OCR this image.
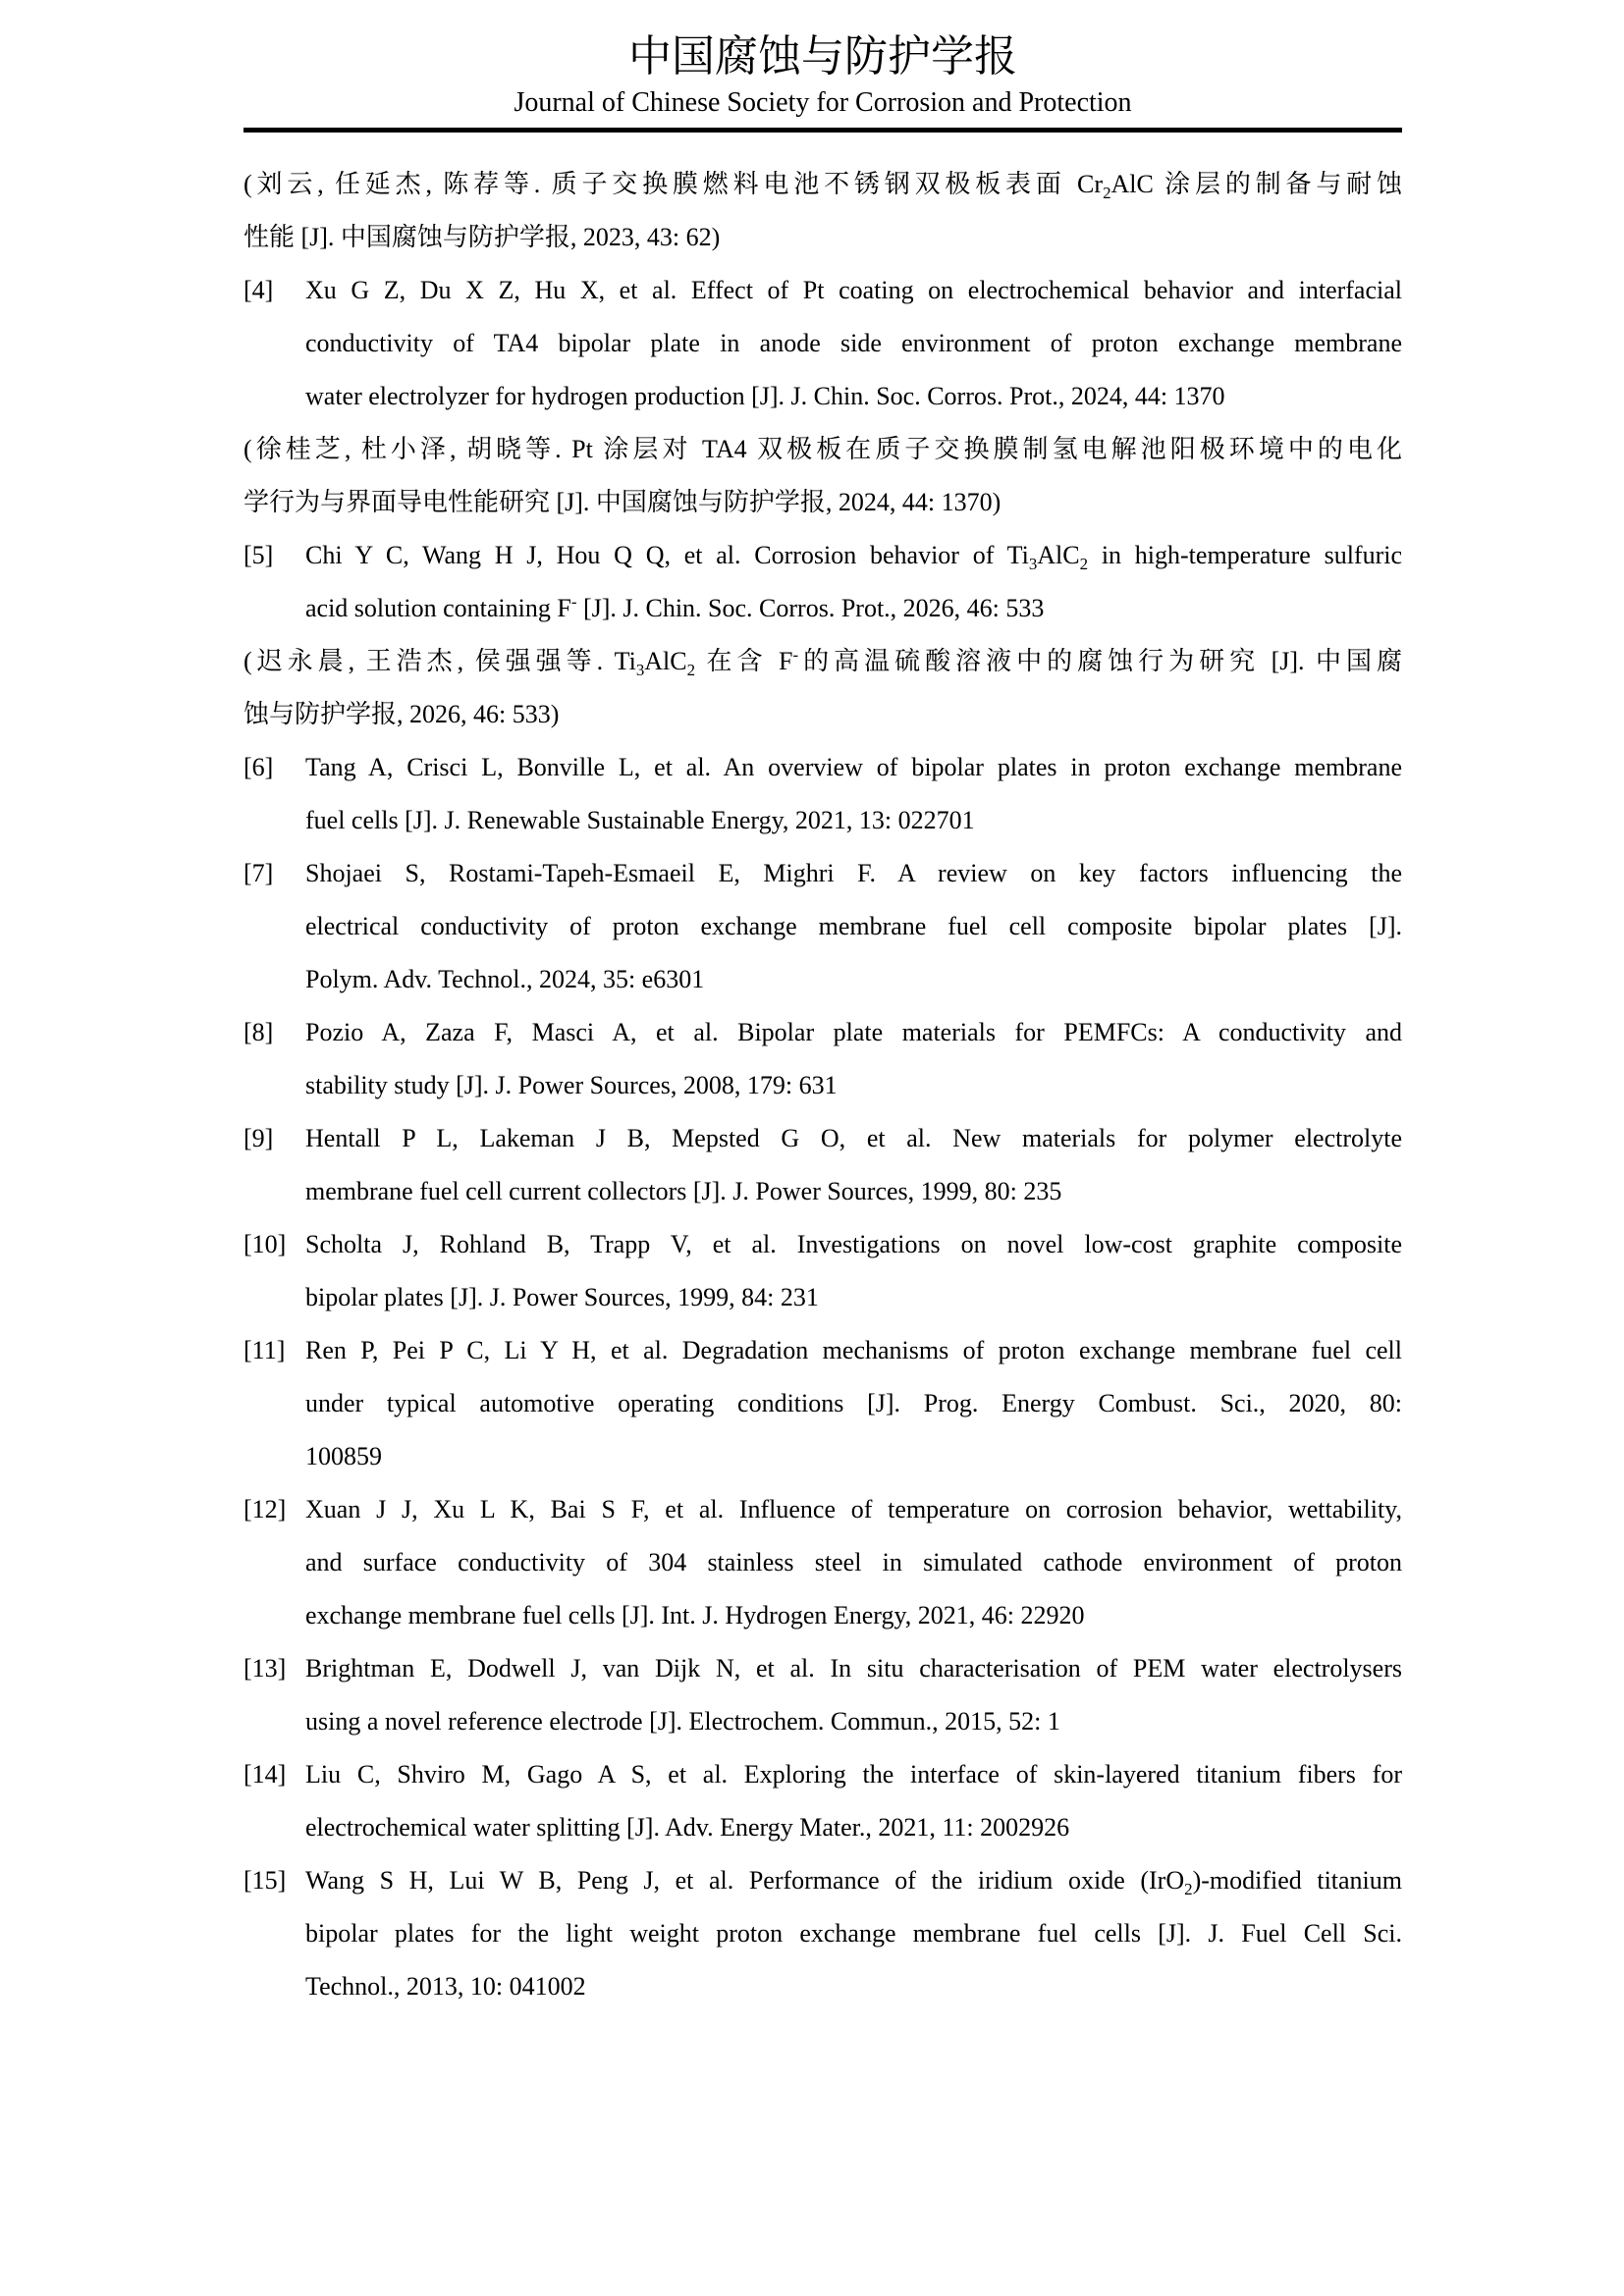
中国腐蚀与防护学报
Journal of Chinese Society for Corrosion and Protection
(刘云, 任延杰, 陈荐等. 质子交换膜燃料电池不锈钢双极板表面 $Cr_2AlC$ 涂层的制备与耐蚀
性能 [J]. 中国腐蚀与防护学报, 2023, 43: 62)
[4] Xu G Z, Du X Z, Hu X, et al. Effect of Pt coating on electrochemical behavior and interfacial
conductivity of TA4 bipolar plate in anode side environment of proton exchange membrane
water electrolyzer for hydrogen production [J]. J. Chin. Soc. Corros. Prot., 2024, 44: 1370
(徐桂芝, 杜小泽, 胡晓等. Pt 涂层对 TA4 双极板在质子交换膜制氢电解池阳极环境中的电化
学行为与界面导电性能研究 [J]. 中国腐蚀与防护学报, 2024, 44: 1370)
[5] Chi Y C, Wang H J, Hou Q Q, et al. Corrosion behavior of $Ti_3AlC_2$ in high-temperature sulfuric
acid solution containing F- [J]. J. Chin. Soc. Corros. Prot., 2026, 46: 533
(迟永晨, 王浩杰, 侯强强等. $Ti_3AlC_2$ 在含 F-的高温硫酸溶液中的腐蚀行为研究 [J]. 中国腐
蚀与防护学报, 2026, 46: 533)
[6] Tang A, Crisci L, Bonville L, et al. An overview of bipolar plates in proton exchange membrane
fuel cells [J]. J. Renewable Sustainable Energy, 2021, 13: 022701
[7] Shojaei S, Rostami-Tapeh-Esmaeil E, Mighri F. A review on key factors influencing the
electrical conductivity of proton exchange membrane fuel cell composite bipolar plates [J].
Polym. Adv. Technol., 2024, 35: e6301
[8] Pozio A, Zaza F, Masci A, et al. Bipolar plate materials for PEMFCs: A conductivity and
stability study [J]. J. Power Sources, 2008, 179: 631
[9] Hentall P L, Lakeman J B, Mepsted G O, et al. New materials for polymer electrolyte
membrane fuel cell current collectors [J]. J. Power Sources, 1999, 80: 235
[10] Scholta J, Rohland B, Trapp V, et al. Investigations on novel low-cost graphite composite
bipolar plates [J]. J. Power Sources, 1999, 84: 231
[11] Ren P, Pei P C, Li Y H, et al. Degradation mechanisms of proton exchange membrane fuel cell
under typical automotive operating conditions [J]. Prog. Energy Combust. Sci., 2020, 80:
100859
[12] Xuan J J, Xu L K, Bai S F, et al. Influence of temperature on corrosion behavior, wettability,
and surface conductivity of 304 stainless steel in simulated cathode environment of proton
exchange membrane fuel cells [J]. Int. J. Hydrogen Energy, 2021, 46: 22920
[13] Brightman E, Dodwell J, van Dijk N, et al. In situ characterisation of PEM water electrolysers
using a novel reference electrode [J]. Electrochem. Commun., 2015, 52: 1
[14] Liu C, Shviro M, Gago A S, et al. Exploring the interface of skin-layered titanium fibers for
electrochemical water splitting [J]. Adv. Energy Mater., 2021, 11: 2002926
[15] Wang S H, Lui W B, Peng J, et al. Performance of the iridium oxide (IrO$_2$)-modified titanium
bipolar plates for the light weight proton exchange membrane fuel cells [J]. J. Fuel Cell Sci.
Technol., 2013, 10: 041002
